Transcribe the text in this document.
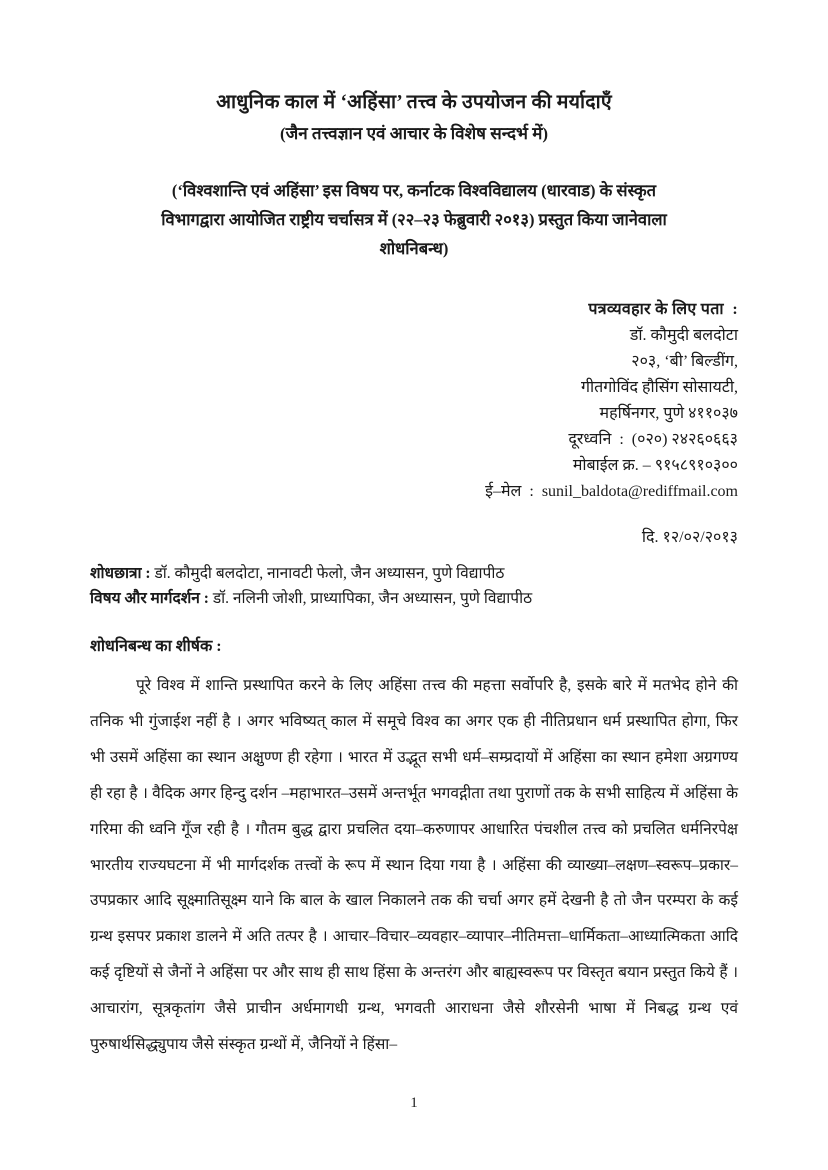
आधुनिक काल में ‘अहिंसा’ तत्त्व के उपयोजन की मर्यादाएँ
(जैन तत्त्वज्ञान एवं आचार के विशेष सन्दर्भ में)
(‘विश्वशान्ति एवं अहिंसा’ इस विषय पर, कर्नाटक विश्वविद्यालय (धारवाड) के संस्कृत
विभागद्वारा आयोजित राष्ट्रीय चर्चासत्र में (२२–२३ फेब्रुवारी २०१३) प्रस्तुत किया जानेवाला
शोधनिबन्ध)
पत्रव्यवहार के लिए पता  :
डॉ. कौमुदी बलदोटा
२०३, ‘बी’ बिल्डींग,
गीतगोविंद हौसिंग सोसायटी,
महर्षिनगर, पुणे ४११०३७
दूरध्वनि  :  (०२०) २४२६०६६३
मोबाईल क्र. – ९१५८९१०३००
ई–मेल  : sunil_baldota@rediffmail.com
दि. १२/०२/२०१३
शोधछात्रा : डॉ. कौमुदी बलदोटा, नानावटी फेलो, जैन अध्यासन, पुणे विद्यापीठ
विषय और मार्गदर्शन : डॉ. नलिनी जोशी, प्राध्यापिका, जैन अध्यासन, पुणे विद्यापीठ
शोधनिबन्ध का शीर्षक :

पूरे विश्व में शान्ति प्रस्थापित करने के लिए अहिंसा तत्त्व की महत्ता सर्वोपरि है, इसके बारे में मतभेद होने की तनिक भी गुंजाईश नहीं है । अगर भविष्यत् काल में समूचे विश्व का अगर एक ही नीतिप्रधान धर्म प्रस्थापित होगा, फिर भी उसमें अहिंसा का स्थान अक्षुण्ण ही रहेगा । भारत में उद्भूत सभी धर्म–सम्प्रदायों में अहिंसा का स्थान हमेशा अग्रगण्य ही रहा है । वैदिक अगर हिन्दु दर्शन –महाभारत–उसमें अन्तर्भूत भगवद्गीता तथा पुराणों तक के सभी साहित्य में अहिंसा के गरिमा की ध्वनि गूँज रही है । गौतम बुद्ध द्वारा प्रचलित दया–करुणापर आधारित पंचशील तत्त्व को प्रचलित धर्मनिरपेक्ष भारतीय राज्यघटना में भी मार्गदर्शक तत्त्वों के रूप में स्थान दिया गया है । अहिंसा की व्याख्या–लक्षण–स्वरूप–प्रकार–उपप्रकार आदि सूक्ष्मातिसूक्ष्म याने कि बाल के खाल निकालने तक की चर्चा अगर हमें देखनी है तो जैन परम्परा के कई ग्रन्थ इसपर प्रकाश डालने में अति तत्पर है । आचार–विचार–व्यवहार–व्यापार–नीतिमत्ता–धार्मिकता–आध्यात्मिकता आदि कई दृष्टियों से जैनों ने अहिंसा पर और साथ ही साथ हिंसा के अन्तरंग और बाह्यस्वरूप पर विस्तृत बयान प्रस्तुत किये हैं । आचारांग, सूत्रकृतांग जैसे प्राचीन अर्धमागधी ग्रन्थ, भगवती आराधना जैसे शौरसेनी भाषा में निबद्ध ग्रन्थ एवं पुरुषार्थसिद्ध्युपाय जैसे संस्कृत ग्रन्थों में, जैनियों ने हिंसा–

1
